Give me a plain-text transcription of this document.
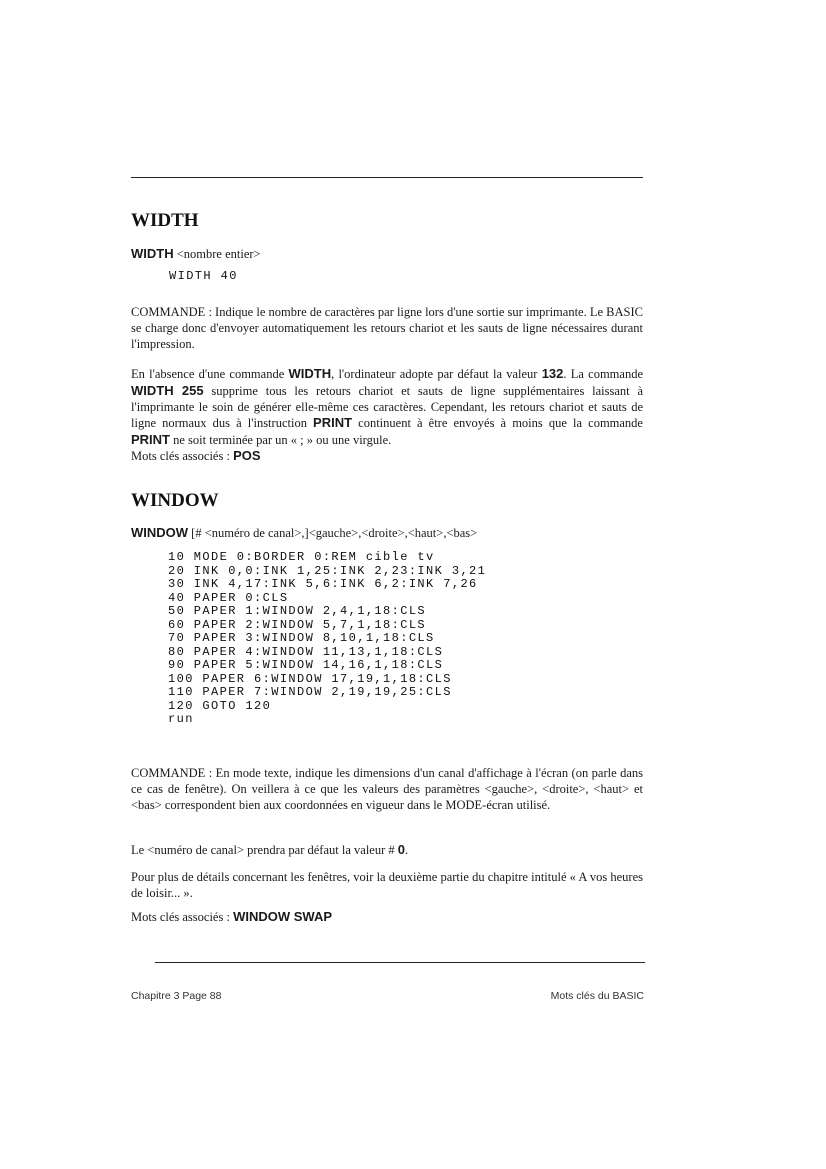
WIDTH
WIDTH <nombre entier>
WIDTH 40

COMMANDE : Indique le nombre de caractères par ligne lors d'une sortie sur imprimante. Le BASIC se charge donc d'envoyer automatiquement les retours chariot et les sauts de ligne nécessaires durant l'impression.

En l'absence d'une commande WIDTH, l'ordinateur adopte par défaut la valeur 132. La commande WIDTH 255 supprime tous les retours chariot et sauts de ligne supplémentaires laissant à l'imprimante le soin de générer elle-même ces caractères. Cependant, les retours chariot et sauts de ligne normaux dus à l'instruction PRINT continuent à être envoyés à moins que la commande PRINT ne soit terminée par un « ; » ou une virgule.

Mots clés associés : POS

WINDOW
WINDOW [# <numéro de canal>,]<gauche>,<droite>,<haut>,<bas>
10 MODE 0:BORDER 0:REM cible tv
20 INK 0,0:INK 1,25:INK 2,23:INK 3,21
30 INK 4,17:INK 5,6:INK 6,2:INK 7,26
40 PAPER 0:CLS
50 PAPER 1:WINDOW 2,4,1,18:CLS
60 PAPER 2:WINDOW 5,7,1,18:CLS
70 PAPER 3:WINDOW 8,10,1,18:CLS
80 PAPER 4:WINDOW 11,13,1,18:CLS
90 PAPER 5:WINDOW 14,16,1,18:CLS
100 PAPER 6:WINDOW 17,19,1,18:CLS
110 PAPER 7:WINDOW 2,19,19,25:CLS
120 GOTO 120
run

COMMANDE : En mode texte, indique les dimensions d'un canal d'affichage à l'écran (on parle dans ce cas de fenêtre). On veillera à ce que les valeurs des paramètres <gauche>, <droite>, <haut> et <bas> correspondent bien aux coordonnées en vigueur dans le MODE-écran utilisé.

Le <numéro de canal> prendra par défaut la valeur # 0.

Pour plus de détails concernant les fenêtres, voir la deuxième partie du chapitre intitulé « A vos heures de loisir... ».

Mots clés associés : WINDOW SWAP

Chapitre 3 Page 88	Mots clés du BASIC
